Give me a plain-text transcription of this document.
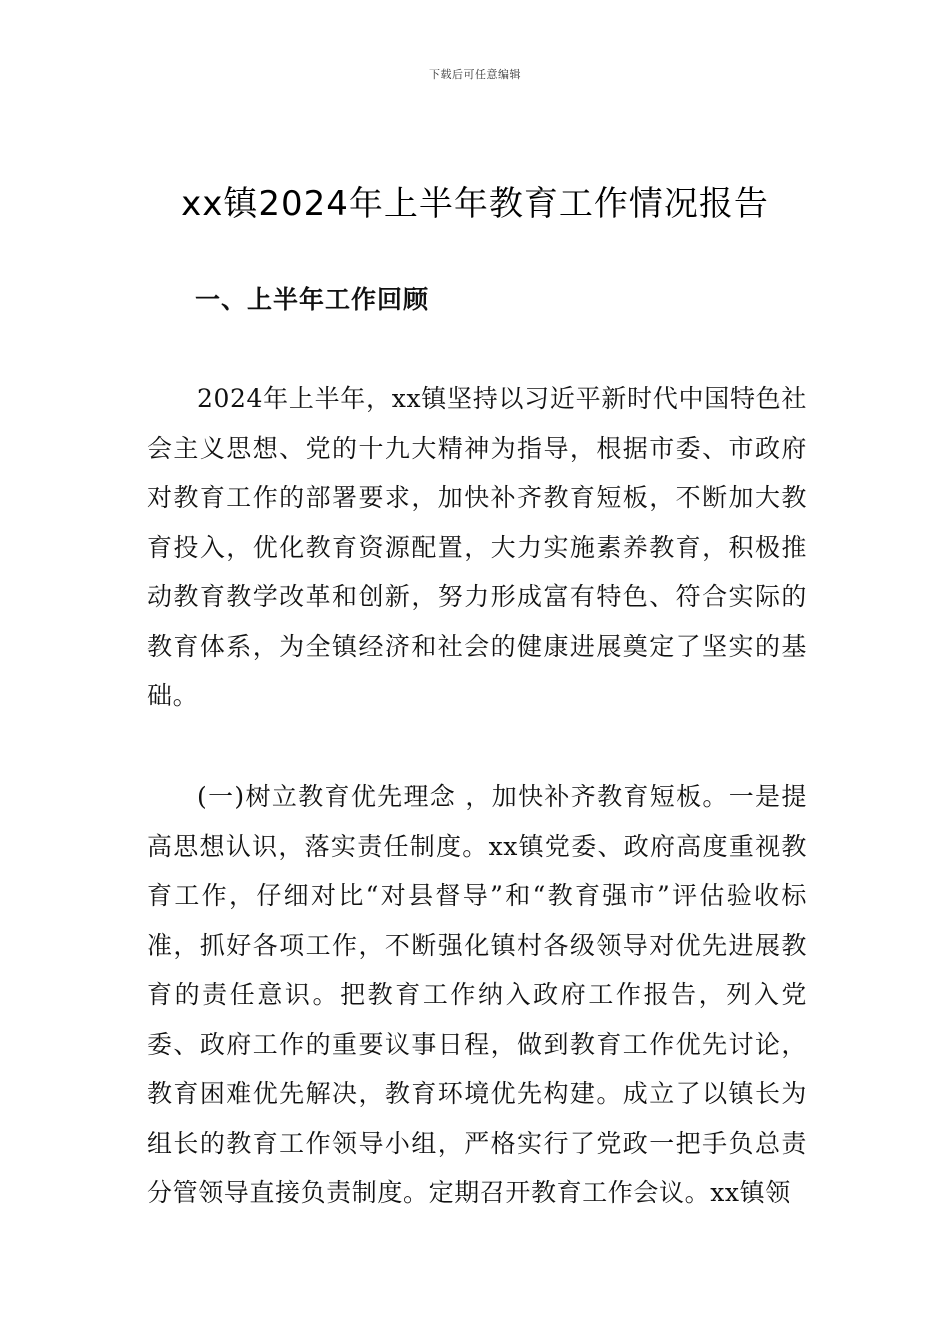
下载后可任意编辑
xx镇2024年上半年教育工作情况报告
一、上半年工作回顾

2024年上半年，xx镇坚持以习近平新时代中国特色社会主义思想、党的十九大精神为指导，根据市委、市政府对教育工作的部署要求，加快补齐教育短板，不断加大教育投入，优化教育资源配置，大力实施素养教育，积极推动教育教学改革和创新，努力形成富有特色、符合实际的教育体系，为全镇经济和社会的健康进展奠定了坚实的基础。

(一)树立教育优先理念 ，加快补齐教育短板。一是提高思想认识，落实责任制度。xx镇党委、政府高度重视教育工作，仔细对比“对县督导”和“教育强市”评估验收标准，抓好各项工作，不断强化镇村各级领导对优先进展教育的责任意识。把教育工作纳入政府工作报告，列入党委、政府工作的重要议事日程，做到教育工作优先讨论，教育困难优先解决，教育环境优先构建。成立了以镇长为组长的教育工作领导小组，严格实行了党政一把手负总责分管领导直接负责制度。定期召开教育工作会议。xx镇领
